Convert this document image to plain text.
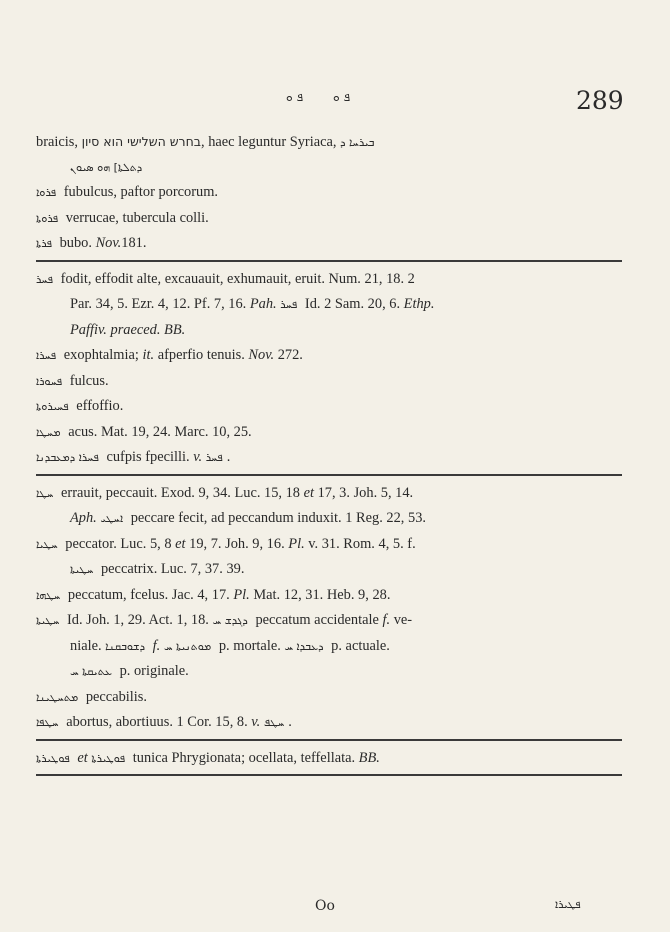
ܦ ܘ ܦ ܘ	289
braicis, בחרש השלישי הוא סיון, haec leguntur Syriaca, ܒܝܪܚܐ ܕ
ܕܬܠܬܐ] ܗܘ ܣܝܘܢ
ܦܪܘܐ fubulcus, paftor porcorum.
ܦܪܘܬܐ verrucae, tubercula colli.
ܦܪܬܐ bubo. Nov.181.
ܦܚܪ fodit, effodit alte, excauauit, exhumauit, eruit. Num. 21, 18. 2
Par. 34, 5. Ezr. 4, 12. Pf. 7, 16. Pah. ܦܚܪ Id. 2 Sam. 20, 6. Ethp.
Paffiv. praeced. BB.
ܦܚܪܐ exophtalmia; it. afperfio tenuis. Nov. 272.
ܦܚܘܪܐ fulcus.
ܦܚܝܪܘܬܐ effoffio.
ܡܚܛܐ acus. Mat. 19, 24. Marc. 10, 25.
ܦܚܪܐ ܕܡܥܒܕܢܐ cufpis fpecilli. v. ܦܚܪ .
ܚܛܐ errauit, peccauit. Exod. 9, 34. Luc. 15, 18 et 17, 3. Joh. 5, 14.
Aph. ܐܚܛܝ peccare fecit, ad peccandum induxit. 1 Reg. 22, 53.
ܚܛܝܐ peccator. Luc. 5, 8 et 19, 7. Joh. 9, 16. Pl. v. 31. Rom. 4, 5. f.
ܚܛܝܬܐ peccatrix. Luc. 7, 37. 39.
ܚܛܗܐ peccatum, fcelus. Jac. 4, 17. Pl. Mat. 12, 31. Heb. 9, 28.
ܚܛܝܬܐ Id. Joh. 1, 29. Act. 1, 18. ܕܓܕܫ ܚ peccatum accidentale f. ve-
niale. ܕܫܘܒܩܢܐ f. ܡܘܬܢܝܬܐ ܚ p. mortale. ܕܥܒܕܐ ܚ p. actuale.
ܥܬܝܩܬܐ ܚ p. originale.
ܡܬܚܛܝܢܐ peccabilis.
ܚܛܦܐ abortus, abortiuus. 1 Cor. 15, 8. v. ܚܛܦ .
ܦܘܛܝܪܬܐ et ܦܘܛܝܪܬܐ tunica Phrygionata; ocellata, teffellata. BB.
Oo	ܦܛܝܪܐ
